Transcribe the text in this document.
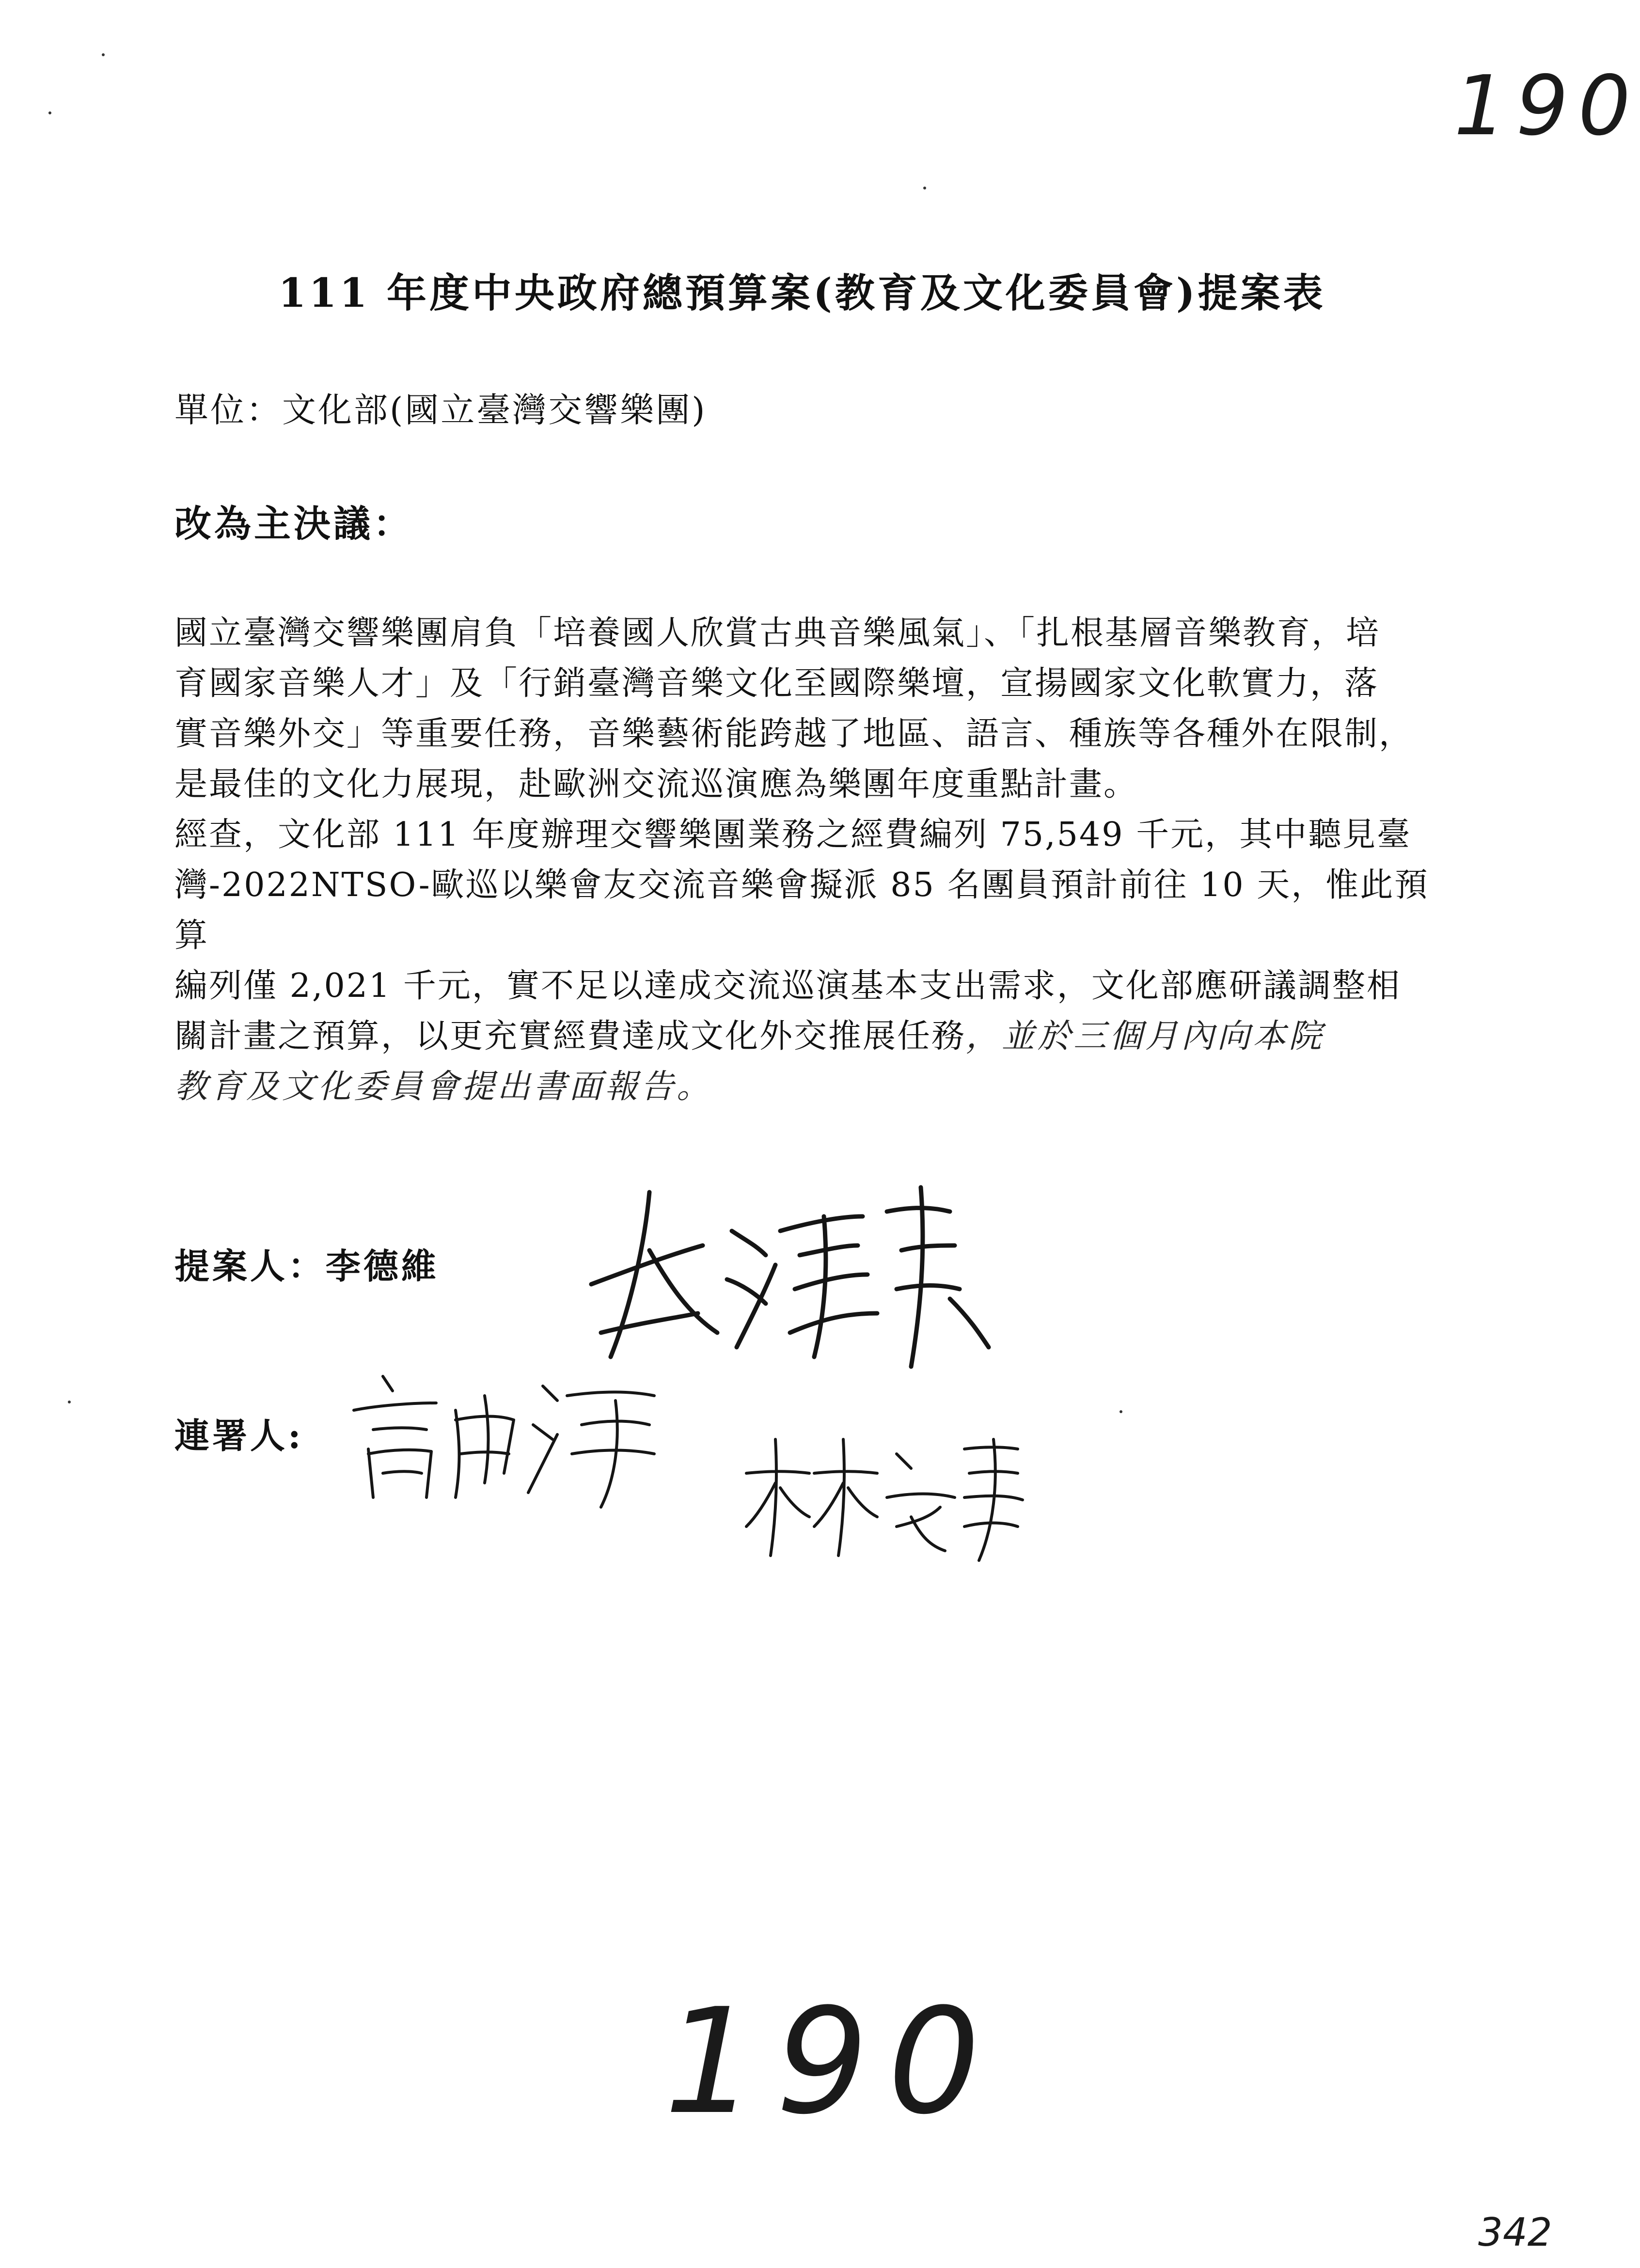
190
111 年度中央政府總預算案(教育及文化委員會)提案表
單位：文化部(國立臺灣交響樂團)
改為主決議：

國立臺灣交響樂團肩負「培養國人欣賞古典音樂風氣」、「扎根基層音樂教育，培

育國家音樂人才」及「行銷臺灣音樂文化至國際樂壇，宣揚國家文化軟實力，落

實音樂外交」等重要任務，音樂藝術能跨越了地區、語言、種族等各種外在限制，

是最佳的文化力展現，赴歐洲交流巡演應為樂團年度重點計畫。

經查，文化部 111 年度辦理交響樂團業務之經費編列 75,549 千元，其中聽見臺

灣-2022NTSO-歐巡以樂會友交流音樂會擬派 85 名團員預計前往 10 天，惟此預算

編列僅 2,021 千元，實不足以達成交流巡演基本支出需求，文化部應研議調整相

關計畫之預算，以更充實經費達成文化外交推展任務，並於三個月內向本院

教育及文化委員會提出書面報告。

提案人：李德維
連署人:
190
342
